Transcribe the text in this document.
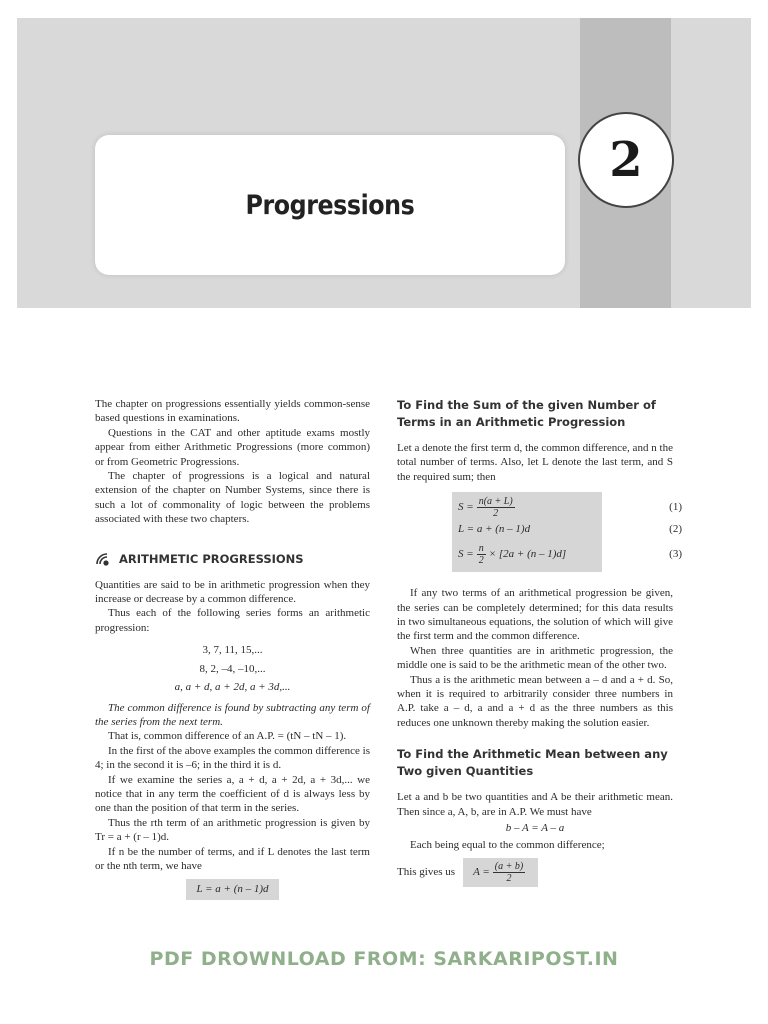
Progressions
2

The chapter on progressions essentially yields common-sense based questions in examinations.

Questions in the CAT and other aptitude exams mostly appear from either Arithmetic Progressions (more common) or from Geometric Progressions.

The chapter of progressions is a logical and natural extension of the chapter on Number Systems, since there is such a lot of commonality of logic between the problems associated with these two chapters.

ARITHMETIC PROGRESSIONS

Quantities are said to be in arithmetic progression when they increase or decrease by a common difference.

Thus each of the following series forms an arithmetic progression:

3, 7, 11, 15,...

8, 2, –4, –10,...

a, a + d, a + 2d, a + 3d,...

The common difference is found by subtracting any term of the series from the next term.

That is, common difference of an A.P. = (tN – tN – 1).

In the first of the above examples the common difference is 4; in the second it is –6; in the third it is d.

If we examine the series a, a + d, a + 2d, a + 3d,... we notice that in any term the coefficient of d is always less by one than the position of that term in the series.

Thus the rth term of an arithmetic progression is given by Tr = a + (r – 1)d.

If n be the number of terms, and if L denotes the last term or the nth term, we have

L = a + (n – 1)d

To Find the Sum of the given Number of Terms in an Arithmetic Progression

Let a denote the first term d, the common difference, and n the total number of terms. Also, let L denote the last term, and S the required sum; then

$S = \frac{n(a + L)}{2}$	(1)
L = a + (n – 1)d	(2)
$S = \frac{n}{2} \times [2a + (n - 1)d]$	(3)

If any two terms of an arithmetical progression be given, the series can be completely determined; for this data results in two simultaneous equations, the solution of which will give the first term and the common difference.

When three quantities are in arithmetic progression, the middle one is said to be the arithmetic mean of the other two.

Thus a is the arithmetic mean between a – d and a + d. So, when it is required to arbitrarily consider three numbers in A.P. take a – d, a and a + d as the three numbers as this reduces one unknown thereby making the solution easier.

To Find the Arithmetic Mean between any Two given Quantities

Let a and b be two quantities and A be their arithmetic mean. Then since a, A, b, are in A.P. We must have

b – A = A – a

Each being equal to the common difference;

This gives us $A = \frac{(a + b)}{2}$
PDF DROWNLOAD FROM: SARKARIPOST.IN
